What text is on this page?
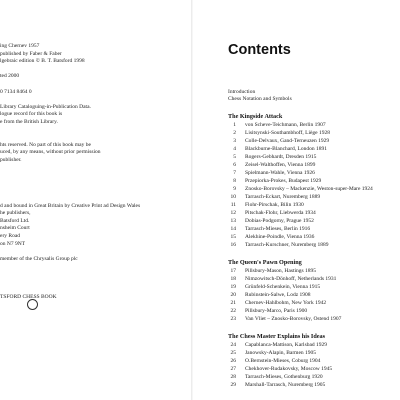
ing Chernev 1957
published by Faber & Faber
lgebraic edition © B. T. Batsford 1998
ted 2000
0 7134 8464 0
Library Cataloguing-in-Publication Data.
logue record for this book is
e from the British Library.
hts reserved. No part of this book may be
uced, by any means, without prior permission
publisher.
d and bound in Great Britain by Creative Print ad Design Wales
he publishers,
Batsford Ltd.
nsheim Court
ery Road
on N7 9NT
member of the Chrysalis Group plc
TSFORD CHESS BOOK
Contents
Introduction
Chess Notation and Symbols
The Kingside Attack
1 von Scheve-Teichmann, Berlin 1907
2 Lisitsynski-Southambhoff, Liège 1928
3 Colle-Delvaux, Gand-Terneuzen 1929
4 Blackburne-Blanchard, London 1891
5 Rogers-Gebhardt, Dresden 1915
6 Zeisel-Walthoffen, Vienna 1899
7 Spielmann-Wahle, Vienna 1926
8 Przepiorka-Prokes, Budapest 1929
9 Znosko-Borovsky – Mackenzie, Weston-super-Mare 1924
10 Tarrasch-Eckart, Nuremberg 1889
11 Flohr-Pirschak, Bilin 1930
12 Pitschak-Flohr, Liebwerda 1934
13 Dobias-Podgorny, Prague 1952
14 Tarrasch-Mieses, Berlin 1916
15 Alekhine-Poindle, Vienna 1936
16 Tarrasch-Kurschner, Nuremberg 1889
The Queen's Pawn Opening
17 Pillsbury-Mason, Hastings 1895
18 Nimzowitsch-Dönhoff, Netherlands 1931
19 Grünfeld-Schenkein, Vienna 1915
20 Rubinstein-Salwe, Lodz 1908
21 Chernev-Hahlbohm, New York 1942
22 Pillsbury-Marco, Paris 1900
23 Van Vliet – Znosko-Borovsky, Ostend 1907
The Chess Master Explains his Ideas
24 Capablanca-Mattison, Karlsbad 1929
25 Janowsky-Alapin, Barmen 1905
26 O.Bernstein-Mieses, Coburg 1904
27 Chekhover-Rudakovsky, Moscow 1945
28 Tarrasch-Mieses, Gothenburg 1920
29 Marshall-Tarrasch, Nuremberg 1905
